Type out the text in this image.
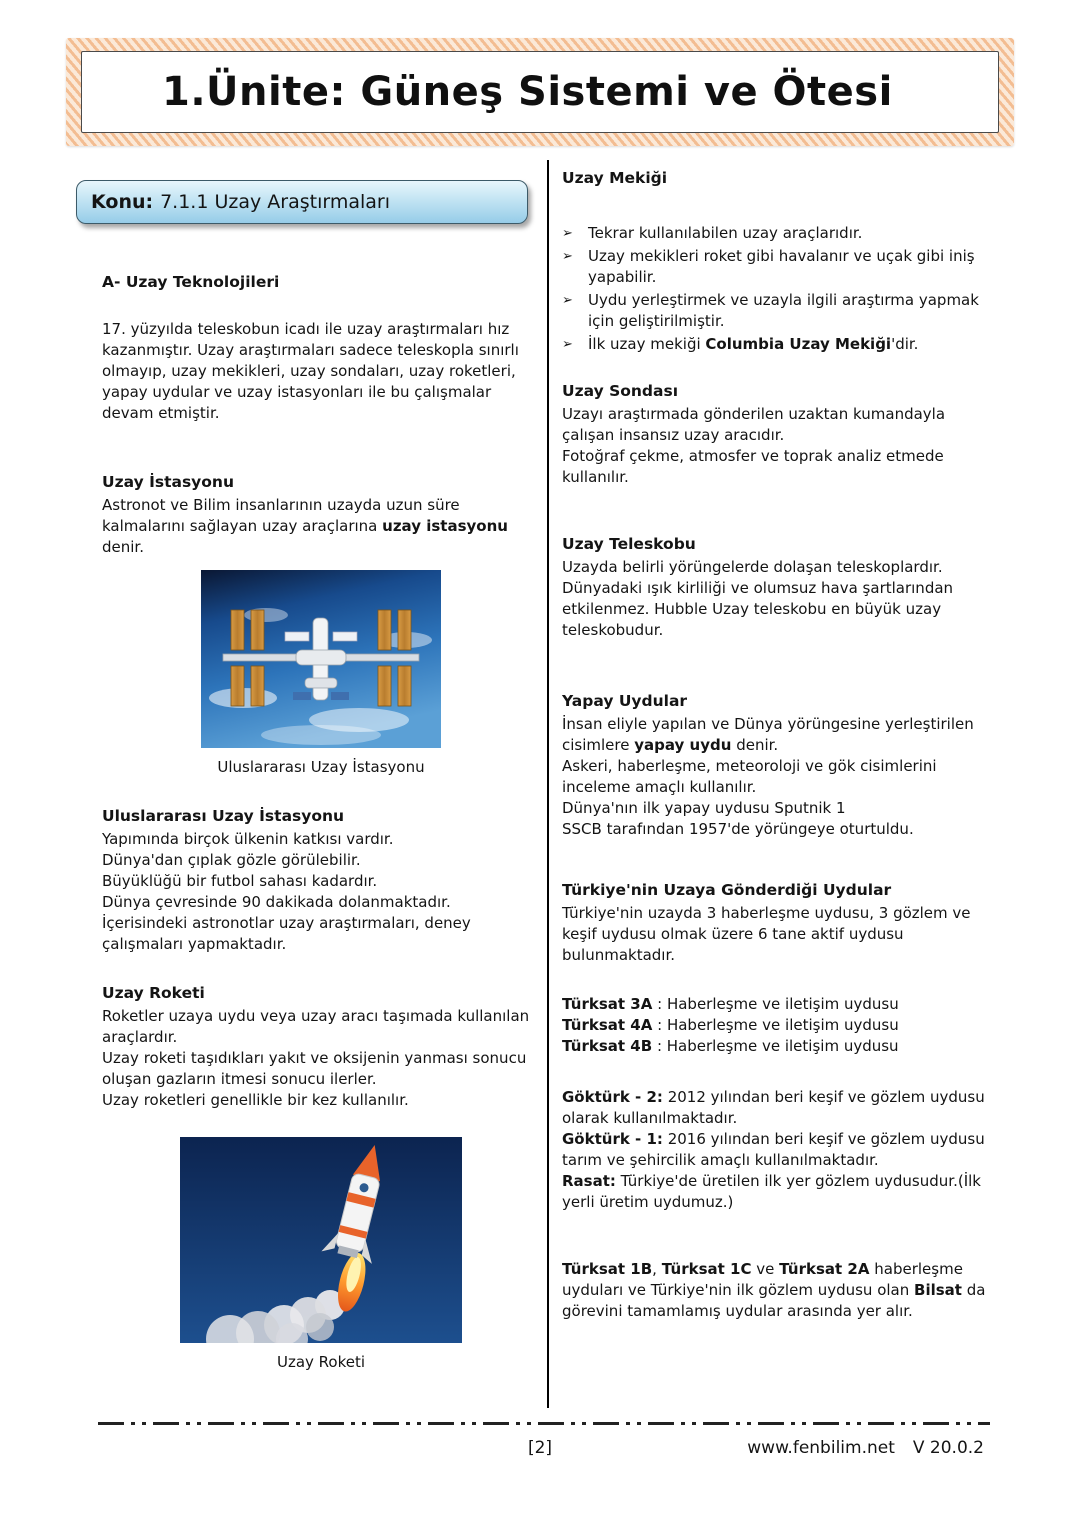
1.Ünite: Güneş Sistemi ve Ötesi
Konu: 7.1.1 Uzay Araştırmaları
A- Uzay Teknolojileri

17. yüzyılda teleskobun icadı ile uzay araştırmaları hız kazanmıştır. Uzay araştırmaları sadece teleskopla sınırlı olmayıp, uzay mekikleri, uzay sondaları, uzay roketleri, yapay uydular ve uzay istasyonları ile bu çalışmalar devam etmiştir.

Uzay İstasyonu

Astronot ve Bilim insanlarının uzayda uzun süre kalmalarını sağlayan uzay araçlarına uzay istasyonu denir.

Uluslararası Uzay İstasyonu
Uluslararası Uzay İstasyonu
Yapımında birçok ülkenin katkısı vardır.
Dünya'dan çıplak gözle görülebilir.
Büyüklüğü bir futbol sahası kadardır.
Dünya çevresinde 90 dakikada dolanmaktadır.
İçerisindeki astronotlar uzay araştırmaları, deney çalışmaları yapmaktadır.
Uzay Roketi
Roketler uzaya uydu veya uzay aracı taşımada kullanılan araçlardır.
Uzay roketi taşıdıkları yakıt ve oksijenin yanması sonucu oluşan gazların itmesi sonucu ilerler.
Uzay roketleri genellikle bir kez kullanılır.
Uzay Roketi
Uzay Mekiği
➢	Tekrar kullanılabilen uzay araçlarıdır.
➢	Uzay mekikleri roket gibi havalanır ve uçak gibi iniş yapabilir.
➢	Uydu yerleştirmek ve uzayla ilgili araştırma yapmak için geliştirilmiştir.
➢	İlk uzay mekiği Columbia Uzay Mekiği'dir.
Uzay Sondası
Uzayı araştırmada gönderilen uzaktan kumandayla çalışan insansız uzay aracıdır.
Fotoğraf çekme, atmosfer ve toprak analiz etmede kullanılır.
Uzay Teleskobu
Uzayda belirli yörüngelerde dolaşan teleskoplardır.
Dünyadaki ışık kirliliği ve olumsuz hava şartlarından etkilenmez. Hubble Uzay teleskobu en büyük uzay teleskobudur.
Yapay Uydular
İnsan eliyle yapılan ve Dünya yörüngesine yerleştirilen cisimlere yapay uydu denir.
Askeri, haberleşme, meteoroloji ve gök cisimlerini inceleme amaçlı kullanılır.
Dünya'nın ilk yapay uydusu Sputnik 1
SSCB tarafından 1957'de yörüngeye oturtuldu.
Türkiye'nin Uzaya Gönderdiği Uydular
Türkiye'nin uzayda 3 haberleşme uydusu, 3 gözlem ve keşif uydusu olmak üzere 6 tane aktif uydusu bulunmaktadır.
Türksat 3A : Haberleşme ve iletişim uydusu
Türksat 4A : Haberleşme ve iletişim uydusu
Türksat 4B : Haberleşme ve iletişim uydusu
Göktürk - 2: 2012 yılından beri keşif ve gözlem uydusu olarak kullanılmaktadır.
Göktürk - 1: 2016 yılından beri keşif ve gözlem uydusu tarım ve şehircilik amaçlı kullanılmaktadır.
Rasat: Türkiye'de üretilen ilk yer gözlem uydusudur.(İlk yerli üretim uydumuz.)

Türksat 1B, Türksat 1C ve Türksat 2A haberleşme uyduları ve Türkiye'nin ilk gözlem uydusu olan Bilsat da görevini tamamlamış uydular arasında yer alır.

[2]	www.fenbilim.net V 20.0.2
